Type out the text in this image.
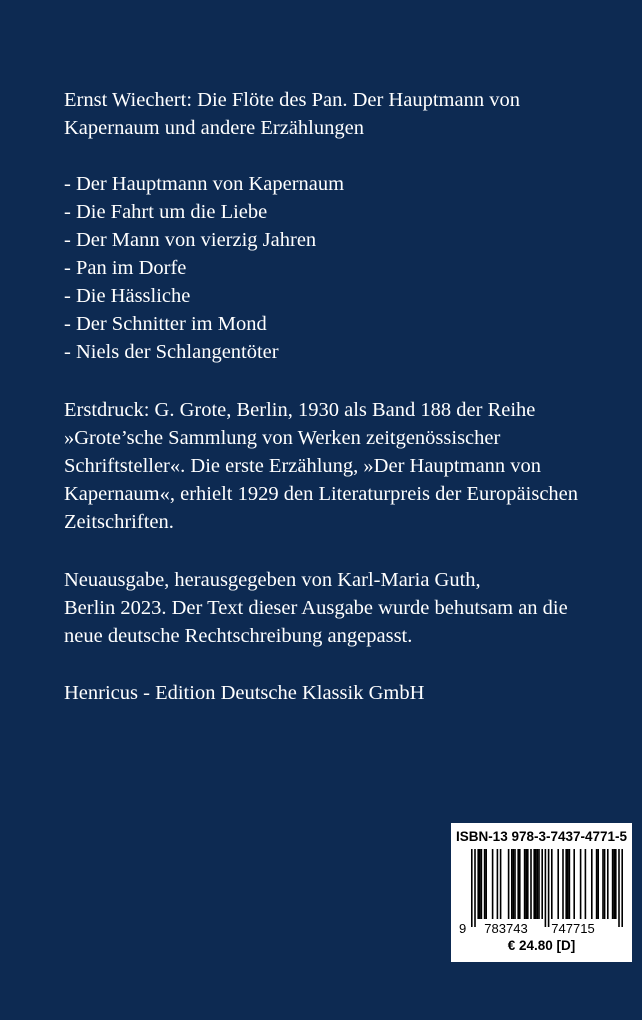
Ernst Wiechert: Die Flöte des Pan. Der Hauptmann von
Kapernaum und andere Erzählungen
- Der Hauptmann von Kapernaum
- Die Fahrt um die Liebe
- Der Mann von vierzig Jahren
- Pan im Dorfe
- Die Hässliche
- Der Schnitter im Mond
- Niels der Schlangentöter

Erstdruck: G. Grote, Berlin, 1930 als Band 188 der Reihe
»Grote’sche Sammlung von Werken zeitgenössischer
Schriftsteller«. Die erste Erzählung, »Der Hauptmann von
Kapernaum«, erhielt 1929 den Literaturpreis der Europäischen
Zeitschriften.

Neuausgabe, herausgegeben von Karl-Maria Guth,
Berlin 2023. Der Text dieser Ausgabe wurde behutsam an die
neue deutsche Rechtschreibung angepasst.

Henricus - Edition Deutsche Klassik GmbH

ISBN-13 978-3-7437-4771-5
9 783743 747715
€ 24.80 [D]
